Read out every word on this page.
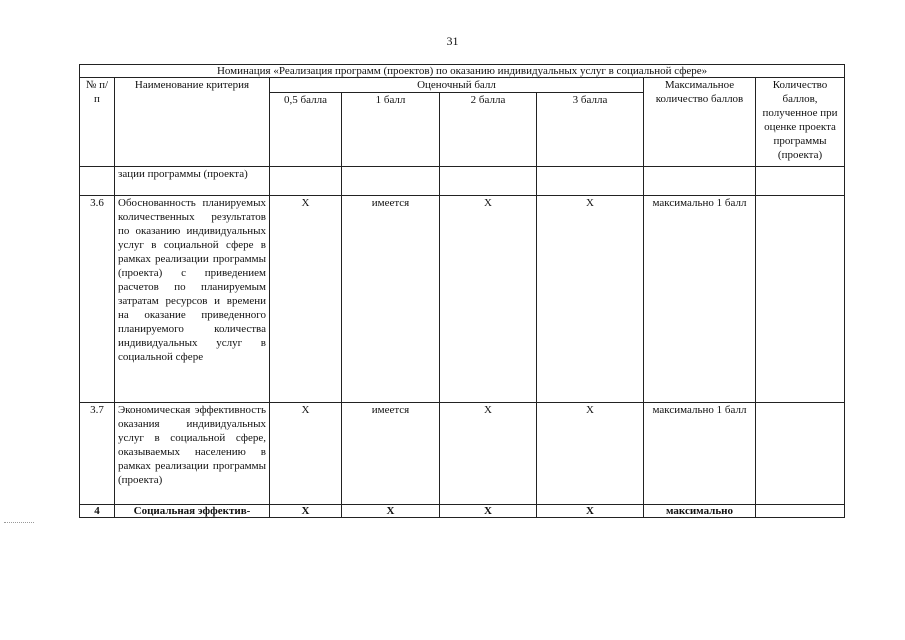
31
Номинация «Реализация программ (проектов) по оказанию индивидуальных услуг в социальной сфере»							
№ п/п	Наименование критерия	Оценочный балл				Максимальное количество баллов	Количество баллов, полученное при оценке проекта программы (проекта)
		0,5 балла	1 балл	2 балла	3 балла		
	зации программы (проекта)						
3.6	Обоснованность планируемых количественных результатов по оказанию индивидуальных услуг в социальной сфере в рамках реализации программы (проекта) с приведением расчетов по планируемым затратам ресурсов и времени на оказание приведенного планируемого количества индивидуальных услуг в социальной сфере	Х	имеется	Х	Х	максимально 1 балл	
3.7	Экономическая эффективность оказания индивидуальных услуг в социальной сфере, оказываемых населению в рамках реализации программы (проекта)	Х	имеется	Х	Х	максимально 1 балл	
4	Социальная эффектив-	Х	Х	Х	Х	максимально	
